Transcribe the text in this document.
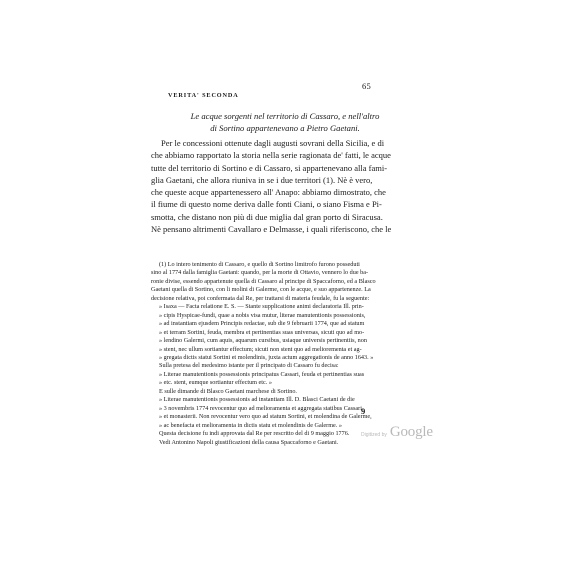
65
VERITA' SECONDA
Le acque sorgenti nel territorio di Cassaro, e nell'altro
di Sortino appartenevano a Pietro Gaetani.
Per le concessioni ottenute dagli augusti sovrani della Sicilia, e di
che abbiamo rapportato la storia nella serie ragionata de' fatti, le acque
tutte del territorio di Sortino e di Cassaro, si appartenevano alla fami-
glia Gaetani, che allora riuniva in se i due territori (1). Nè è vero,
che queste acque appartenessero all' Anapo: abbiamo dimostrato, che
il fiume di questo nome deriva dalle fonti Ciani, o siano Fisma e Pi-
smotta, che distano non più di due miglia dal gran porto di Siracusa.
Nè pensano altrimenti Cavallaro e Delmasse, i quali riferiscono, che le
(1) Lo intero tenimento di Cassaro, e quello di Sortino limitrofo furono posseduti
sino al 1774 dalla famiglia Gaetani: quando, per la morte di Ottavio, vennero lo due ba-
ronie divise, essendo appartenute quella di Cassaro al principe di Spaccaforno, ed a Blasco
Gaetani quella di Sortino, con li molini di Galerme, con le acque, e suo appartenenze. La
decisione relativa, poi confermata dal Re, per trattarsi di materia feudale, fu la seguente:
» Isaxa — Facta relatione E. S. — Stante supplicatione animi declaratoria Ill. prin-
» cipis Hyspicae-fundi, quae a nobis visa mutur, literae manutentionis possessionis,
» ad instantiam ejusdem Principis redactae, sub die 9 februarii 1774, que ad statum
» et terram Sortini, feuda, membra et pertinentias suas universas, sicuti quo ad mo-
» lendino Galermi, cum aquis, aquarum cursibus, usiaque universis pertinentiis, non
» stent, nec ullum sortiantur effectum; sicuti non stent quo ad meliorementa et ag-
» gregata dictis statui Sortini et molendinis, juxta actum aggregationis de anno 1643. »
Sulla pretesa del medesimo istante per il principato di Cassaro fu decisa:
» Literae manutentionis possessionis principatus Cassari, feuda et pertinentias suas
» etc. stent, eumque sortiantur effectum etc. »
E sulle dimande di Blasco Gaetani marchese di Sortino.
» Literae manutentionis possessionis ad instantiam Ill. D. Blasci Caetani de die
» 3 novembris 1774 revocentur quo ad melioramenta et aggregata statibus Cassari
» et monasterii. Non revocentur vero quo ad statum Sortini, et molendina de Galerme,
» ac benefacta et melioramenta in dictis statu et molendinis de Galerme. »
Questa decisione fu indi approvata dal Re per rescritto del di 9 maggio 1776.
Vedi Antonino Napoli giustificazioni della causa Spaccaforno e Gaetani.
9
Digitized by Google
